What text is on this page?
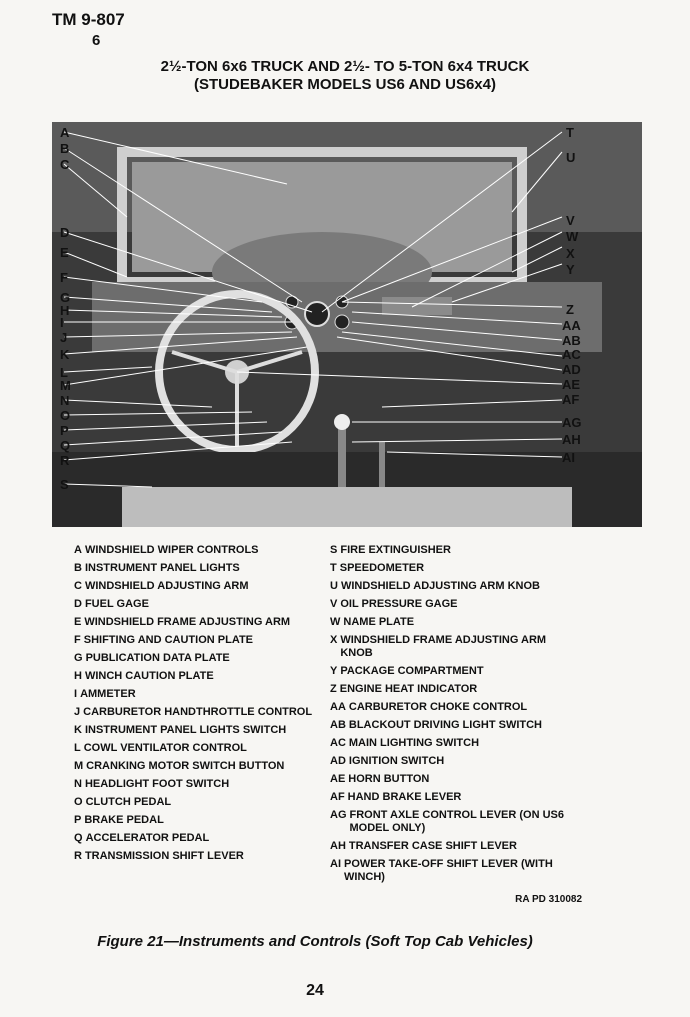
TM 9-807
6
2½-TON 6x6 TRUCK AND 2½- TO 5-TON 6x4 TRUCK
(STUDEBAKER MODELS US6 AND US6x4)
A
B
C
D
E
F
G
H
I
J
K
L
M
N
O
P
Q
R
S
T
U
V
W
X
Y
Z
AA
AB
AC
AD
AE
AF
AG
AH
AI
A WINDSHIELD WIPER CONTROLS
B INSTRUMENT PANEL LIGHTS
C WINDSHIELD ADJUSTING ARM
D FUEL GAGE
E WINDSHIELD FRAME ADJUSTING ARM
F SHIFTING AND CAUTION PLATE
G PUBLICATION DATA PLATE
H WINCH CAUTION PLATE
I AMMETER
J CARBURETOR HANDTHROTTLE CONTROL
K INSTRUMENT PANEL LIGHTS SWITCH
L COWL VENTILATOR CONTROL
M CRANKING MOTOR SWITCH BUTTON
N HEADLIGHT FOOT SWITCH
O CLUTCH PEDAL
P BRAKE PEDAL
Q ACCELERATOR PEDAL
R TRANSMISSION SHIFT LEVER
S FIRE EXTINGUISHER
T SPEEDOMETER
U WINDSHIELD ADJUSTING ARM KNOB
V OIL PRESSURE GAGE
W NAME PLATE
X WINDSHIELD FRAME ADJUSTING ARM KNOB
Y PACKAGE COMPARTMENT
Z ENGINE HEAT INDICATOR
AA CARBURETOR CHOKE CONTROL
AB BLACKOUT DRIVING LIGHT SWITCH
AC MAIN LIGHTING SWITCH
AD IGNITION SWITCH
AE HORN BUTTON
AF HAND BRAKE LEVER
AG FRONT AXLE CONTROL LEVER (ON US6 MODEL ONLY)
AH TRANSFER CASE SHIFT LEVER
AI POWER TAKE-OFF SHIFT LEVER (WITH WINCH)
RA PD 310082
Figure 21—Instruments and Controls (Soft Top Cab Vehicles)
24
